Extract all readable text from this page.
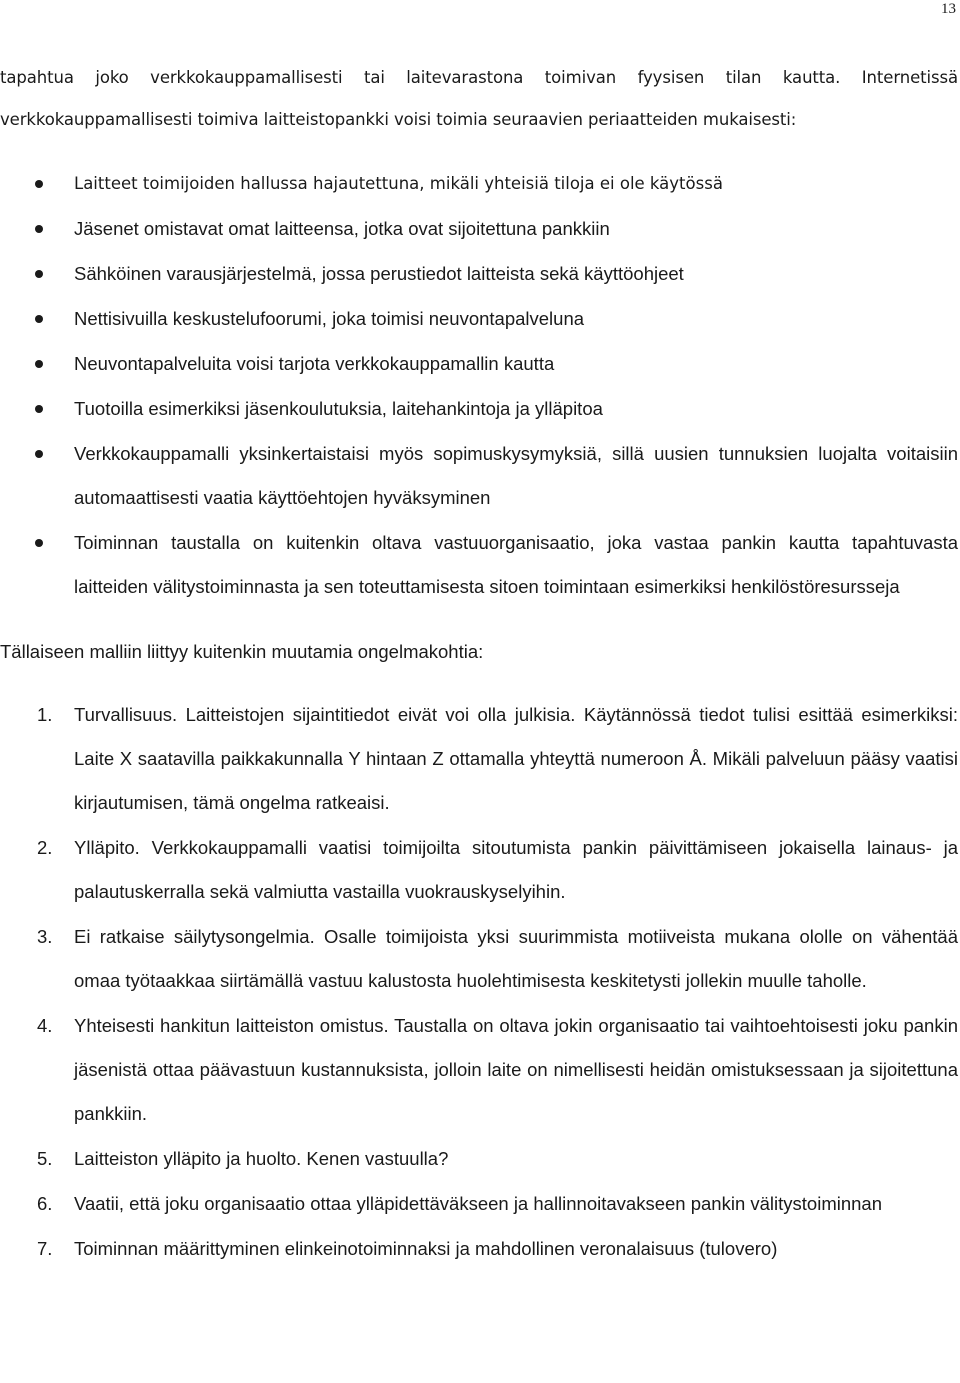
13

tapahtua joko verkkokauppamallisesti tai laitevarastona toimivan fyysisen tilan kautta. Internetissä verkkokauppamallisesti toimiva laitteistopankki voisi toimia seuraavien periaatteiden mukaisesti:

Laitteet toimijoiden hallussa hajautettuna, mikäli yhteisiä tiloja ei ole käytössä
Jäsenet omistavat omat laitteensa, jotka ovat sijoitettuna pankkiin
Sähköinen varausjärjestelmä, jossa perustiedot laitteista sekä käyttöohjeet
Nettisivuilla keskustelufoorumi, joka toimisi neuvontapalveluna
Neuvontapalveluita voisi tarjota verkkokauppamallin kautta
Tuotoilla esimerkiksi jäsenkoulutuksia, laitehankintoja ja ylläpitoa
Verkkokauppamalli yksinkertaistaisi myös sopimuskysymyksiä, sillä uusien tunnuksien luojalta voitaisiin automaattisesti vaatia käyttöehtojen hyväksyminen
Toiminnan taustalla on kuitenkin oltava vastuuorganisaatio, joka vastaa pankin kautta tapahtuvasta laitteiden välitystoiminnasta ja sen toteuttamisesta sitoen toimintaan esimerkiksi henkilöstöresursseja

Tällaiseen malliin liittyy kuitenkin muutamia ongelmakohtia:

1. Turvallisuus. Laitteistojen sijaintitiedot eivät voi olla julkisia. Käytännössä tiedot tulisi esittää esimerkiksi: Laite X saatavilla paikkakunnalla Y hintaan Z ottamalla yhteyttä numeroon Å. Mikäli palveluun pääsy vaatisi kirjautumisen, tämä ongelma ratkeaisi.
2. Ylläpito. Verkkokauppamalli vaatisi toimijoilta sitoutumista pankin päivittämiseen jokaisella lainaus- ja palautuskerralla sekä valmiutta vastailla vuokrauskyselyihin.
3. Ei ratkaise säilytysongelmia. Osalle toimijoista yksi suurimmista motiiveista mukana ololle on vähentää omaa työtaakkaa siirtämällä vastuu kalustosta huolehtimisesta keskitetysti jollekin muulle taholle.
4. Yhteisesti hankitun laitteiston omistus. Taustalla on oltava jokin organisaatio tai vaihtoehtoisesti joku pankin jäsenistä ottaa päävastuun kustannuksista, jolloin laite on nimellisesti heidän omistuksessaan ja sijoitettuna pankkiin.
5. Laitteiston ylläpito ja huolto. Kenen vastuulla?
6. Vaatii, että joku organisaatio ottaa ylläpidettäväkseen ja hallinnoitavakseen pankin välitystoiminnan
7. Toiminnan määrittyminen elinkeinotoiminnaksi ja mahdollinen veronalaisuus (tulovero)
